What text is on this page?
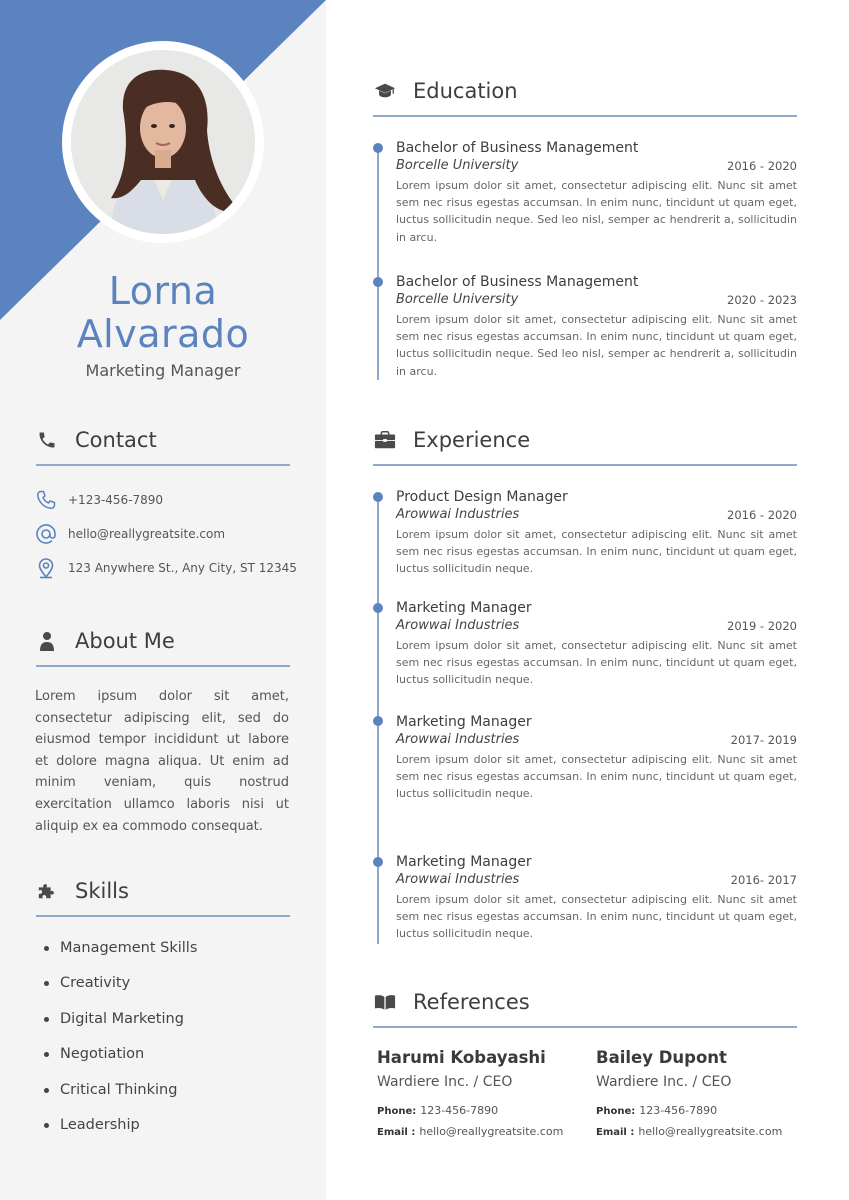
Lorna
Alvarado
Marketing Manager
Contact
+123-456-7890
hello@reallygreatsite.com
123 Anywhere St., Any City, ST 12345
About Me
Lorem ipsum dolor sit amet, consectetur adipiscing elit, sed do eiusmod tempor incididunt ut labore et dolore magna aliqua. Ut enim ad minim veniam, quis nostrud exercitation ullamco laboris nisi ut aliquip ex ea commodo consequat.
Skills
Management Skills
Creativity
Digital Marketing
Negotiation
Critical Thinking
Leadership
Education
Bachelor of Business Management
Borcelle University	2016 - 2020
Lorem ipsum dolor sit amet, consectetur adipiscing elit. Nunc sit amet sem nec risus egestas accumsan. In enim nunc, tincidunt ut quam eget, luctus sollicitudin neque. Sed leo nisl, semper ac hendrerit a, sollicitudin in arcu.
Bachelor of Business Management
Borcelle University	2020 - 2023
Lorem ipsum dolor sit amet, consectetur adipiscing elit. Nunc sit amet sem nec risus egestas accumsan. In enim nunc, tincidunt ut quam eget, luctus sollicitudin neque. Sed leo nisl, semper ac hendrerit a, sollicitudin in arcu.
Experience
Product Design Manager
Arowwai Industries	2016 - 2020
Lorem ipsum dolor sit amet, consectetur adipiscing elit. Nunc sit amet sem nec risus egestas accumsan. In enim nunc, tincidunt ut quam eget, luctus sollicitudin neque.
Marketing Manager
Arowwai Industries	2019 - 2020
Lorem ipsum dolor sit amet, consectetur adipiscing elit. Nunc sit amet sem nec risus egestas accumsan. In enim nunc, tincidunt ut quam eget, luctus sollicitudin neque.
Marketing Manager
Arowwai Industries	2017- 2019
Lorem ipsum dolor sit amet, consectetur adipiscing elit. Nunc sit amet sem nec risus egestas accumsan. In enim nunc, tincidunt ut quam eget, luctus sollicitudin neque.
Marketing Manager
Arowwai Industries	2016- 2017
Lorem ipsum dolor sit amet, consectetur adipiscing elit. Nunc sit amet sem nec risus egestas accumsan. In enim nunc, tincidunt ut quam eget, luctus sollicitudin neque.
References
Harumi Kobayashi
Wardiere Inc. / CEO
Phone: 123-456-7890
Email : hello@reallygreatsite.com
Bailey Dupont
Wardiere Inc. / CEO
Phone: 123-456-7890
Email : hello@reallygreatsite.com
